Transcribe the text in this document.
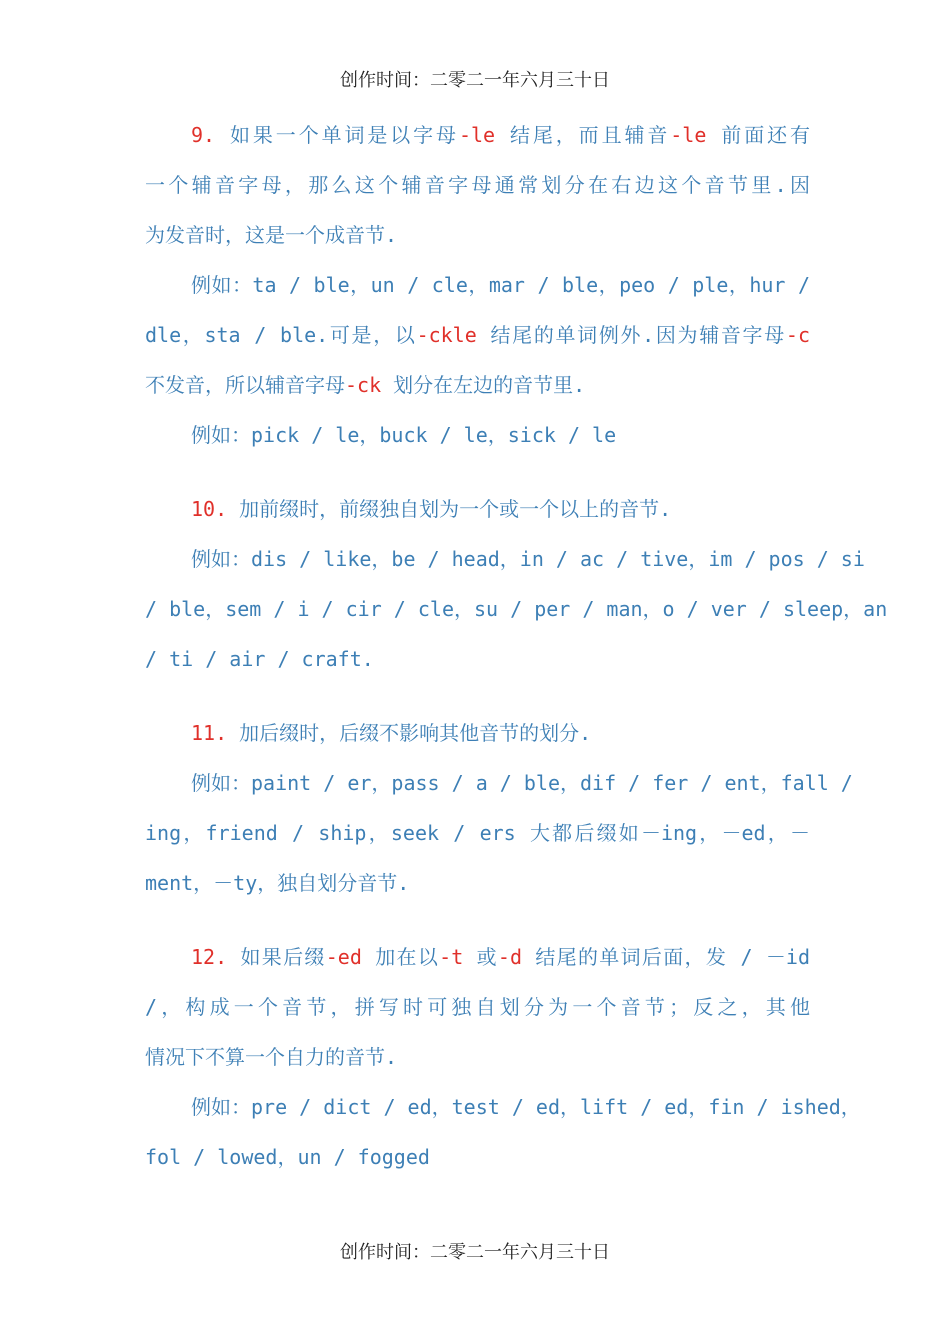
创作时间：二零二一年六月三十日
9. 如果一个单词是以字母-le 结尾，而且辅音-le 前面还有
一个辅音字母，那么这个辅音字母通常划分在右边这个音节里.因
为发音时，这是一个成音节.
例如：ta / ble，un / cle，mar / ble，peo / ple，hur /
dle，sta / ble.可是，以-ckle 结尾的单词例外.因为辅音字母-c
不发音，所以辅音字母-ck 划分在左边的音节里.
例如：pick / le，buck / le，sick / le
10. 加前缀时，前缀独自划为一个或一个以上的音节.
例如：dis / like，be / head，in / ac / tive，im / pos / si
/ ble，sem / i / cir / cle，su / per / man，o / ver / sleep，an
/ ti / air / craft.
11. 加后缀时，后缀不影响其他音节的划分.
例如：paint / er，pass / a / ble，dif / fer / ent，fall /
ing，friend / ship，seek / ers 大都后缀如－ing，－ed，－
ment，－ty，独自划分音节.
12. 如果后缀-ed 加在以-t 或-d 结尾的单词后面，发 / －id
/，构成一个音节，拼写时可独自划分为一个音节；反之，其他
情况下不算一个自力的音节.
例如：pre / dict / ed，test / ed，lift / ed，fin / ished，
fol / lowed，un / fogged
创作时间：二零二一年六月三十日
